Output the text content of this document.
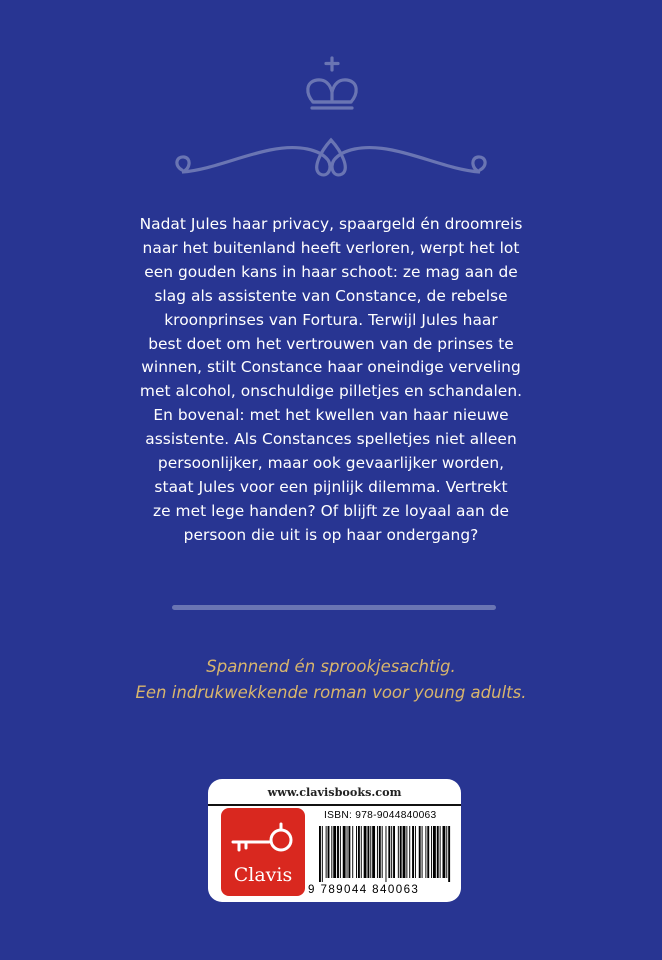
Nadat Jules haar privacy, spaargeld én droomreis
naar het buitenland heeft verloren, werpt het lot
een gouden kans in haar schoot: ze mag aan de
slag als assistente van Constance, de rebelse
kroonprinses van Fortura. Terwijl Jules haar
best doet om het vertrouwen van de prinses te
winnen, stilt Constance haar oneindige verveling
met alcohol, onschuldige pilletjes en schandalen.
En bovenal: met het kwellen van haar nieuwe
assistente. Als Constances spelletjes niet alleen
persoonlijker, maar ook gevaarlijker worden,
staat Jules voor een pijnlijk dilemma. Vertrekt
ze met lege handen? Of blijft ze loyaal aan de
persoon die uit is op haar ondergang?

Spannend én sprookjesachtig.
Een indrukwekkende roman voor young adults.

www.clavisbooks.com
Clavis
ISBN: 978-9044840063
9 789044 840063
